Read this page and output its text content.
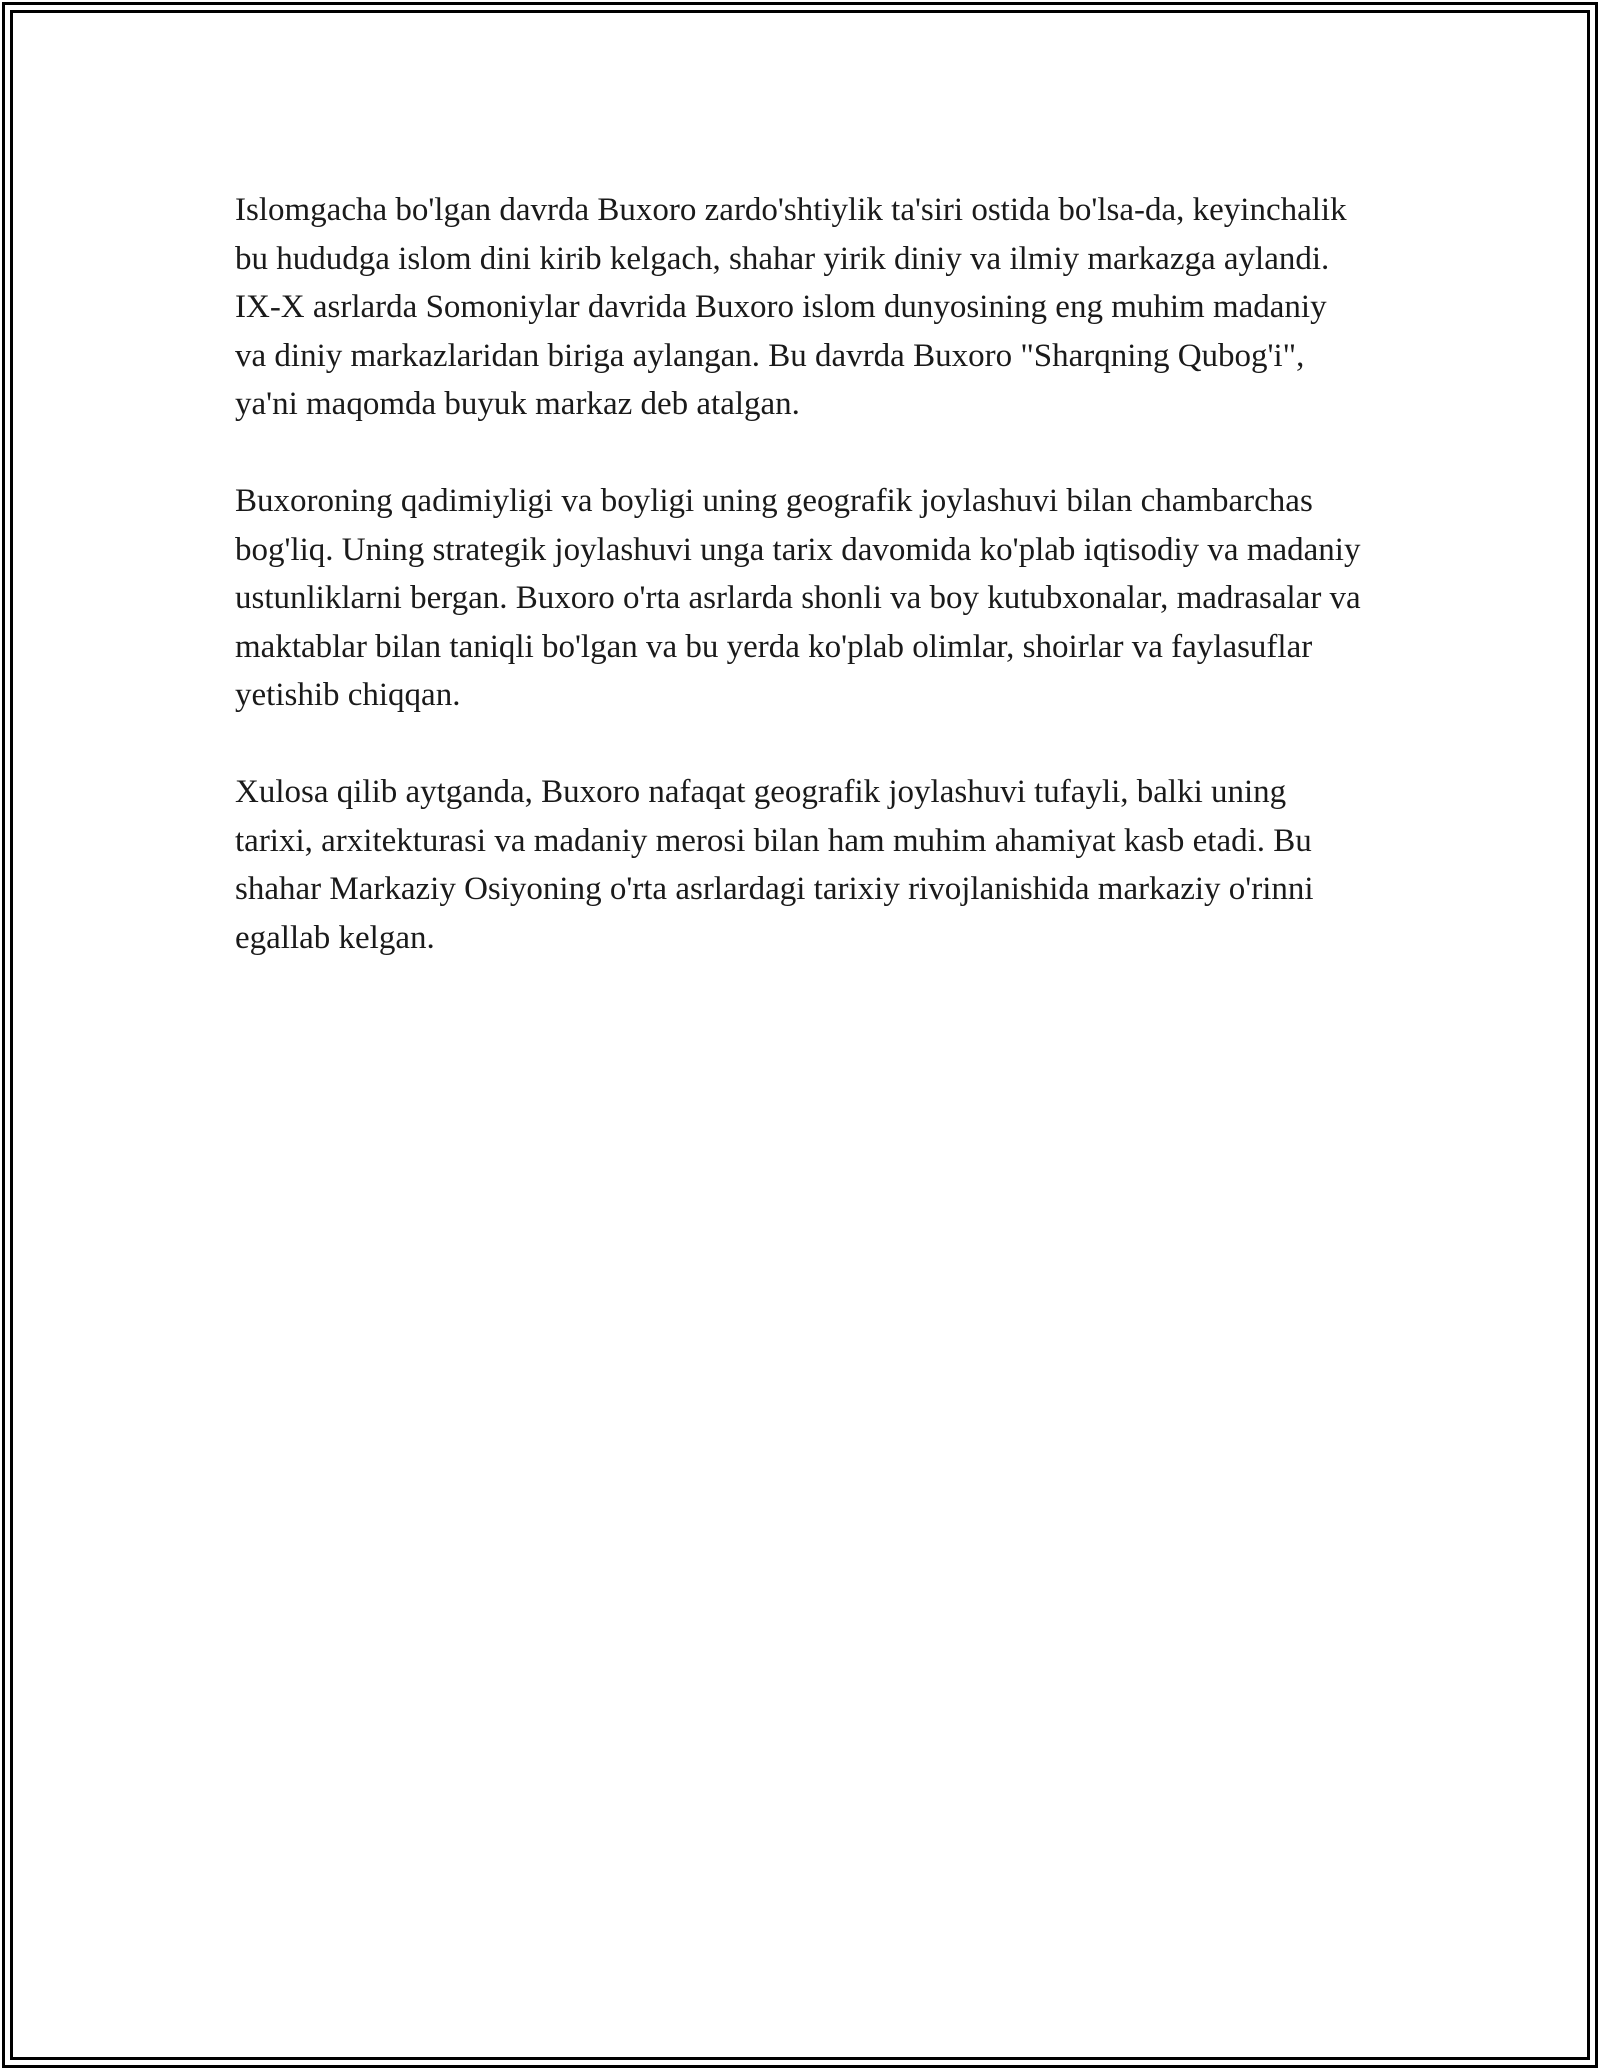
Islomgacha bo'lgan davrda Buxoro zardo'shtiylik ta'siri ostida bo'lsa-da, keyinchalik bu hududga islom dini kirib kelgach, shahar yirik diniy va ilmiy markazga aylandi. IX-X asrlarda Somoniylar davrida Buxoro islom dunyosining eng muhim madaniy va diniy markazlaridan biriga aylangan. Bu davrda Buxoro "Sharqning Qubog'i", ya'ni maqomda buyuk markaz deb atalgan.

Buxoroning qadimiyligi va boyligi uning geografik joylashuvi bilan chambarchas bog'liq. Uning strategik joylashuvi unga tarix davomida ko'plab iqtisodiy va madaniy ustunliklarni bergan. Buxoro o'rta asrlarda shonli va boy kutubxonalar, madrasalar va maktablar bilan taniqli bo'lgan va bu yerda ko'plab olimlar, shoirlar va faylasuflar yetishib chiqqan.

Xulosa qilib aytganda, Buxoro nafaqat geografik joylashuvi tufayli, balki uning tarixi, arxitekturasi va madaniy merosi bilan ham muhim ahamiyat kasb etadi. Bu shahar Markaziy Osiyoning o'rta asrlardagi tarixiy rivojlanishida markaziy o'rinni egallab kelgan.
